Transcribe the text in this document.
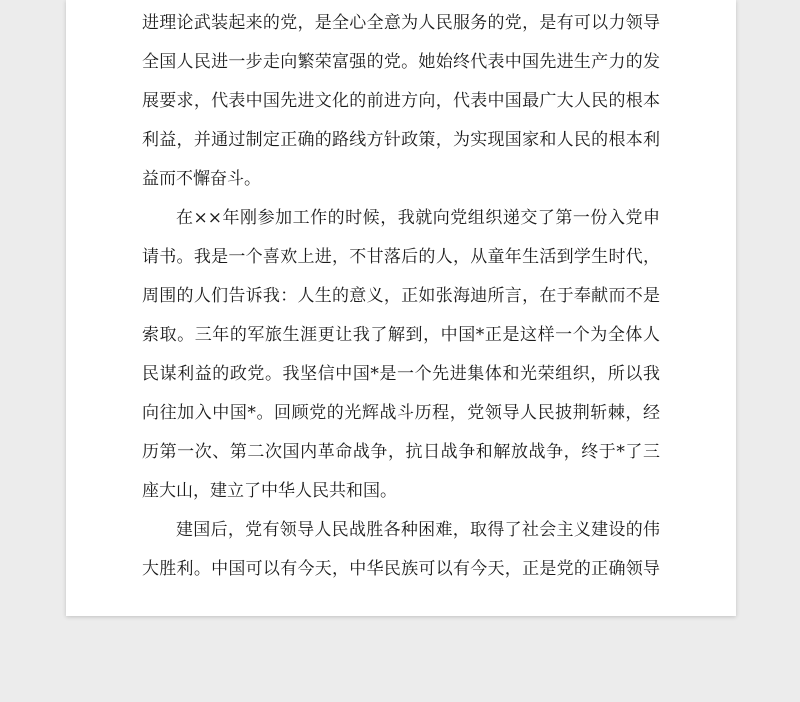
进理论武装起来的党，是全心全意为人民服务的党，是有可以力领导
全国人民进一步走向繁荣富强的党。她始终代表中国先进生产力的发
展要求，代表中国先进文化的前进方向，代表中国最广大人民的根本
利益，并通过制定正确的路线方针政策，为实现国家和人民的根本利
益而不懈奋斗。
在××年刚参加工作的时候，我就向党组织递交了第一份入党申
请书。我是一个喜欢上进，不甘落后的人，从童年生活到学生时代，
周围的人们告诉我：人生的意义，正如张海迪所言，在于奉献而不是
索取。三年的军旅生涯更让我了解到，中国*正是这样一个为全体人
民谋利益的政党。我坚信中国*是一个先进集体和光荣组织，所以我
向往加入中国*。回顾党的光辉战斗历程，党领导人民披荆斩棘，经
历第一次、第二次国内革命战争，抗日战争和解放战争，终于*了三
座大山，建立了中华人民共和国。
建国后，党有领导人民战胜各种困难，取得了社会主义建设的伟
大胜利。中国可以有今天，中华民族可以有今天，正是党的正确领导
